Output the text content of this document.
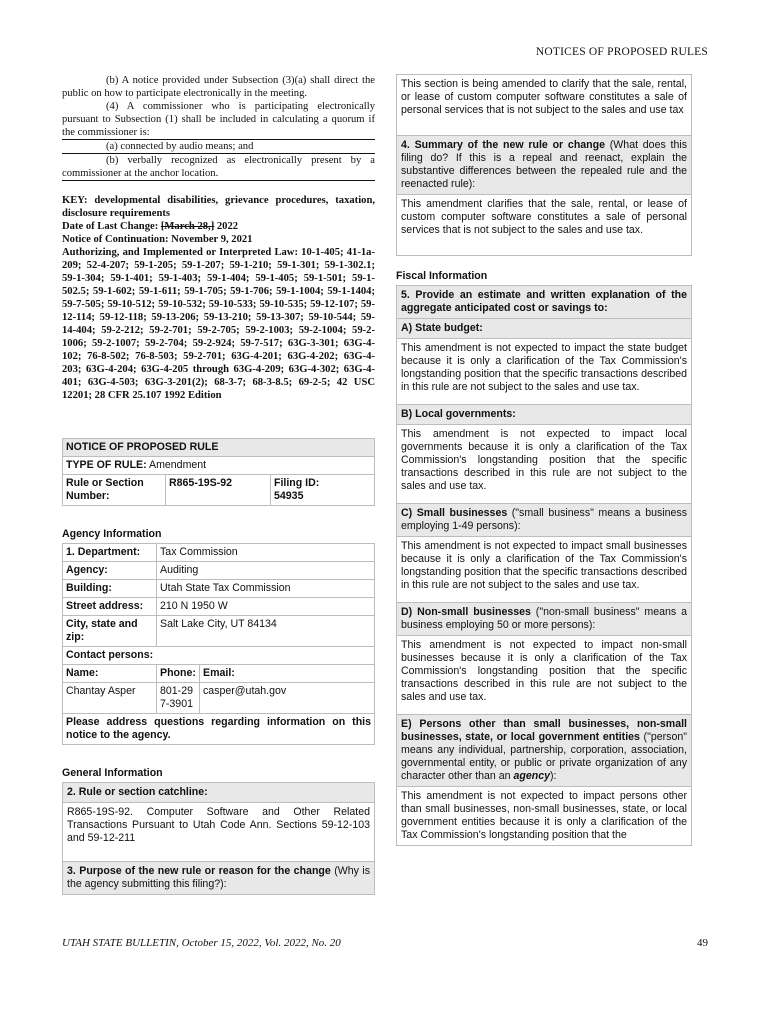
NOTICES OF PROPOSED RULES

(b) A notice provided under Subsection (3)(a) shall direct the public on how to participate electronically in the meeting.

(4) A commissioner who is participating electronically pursuant to Subsection (1) shall be included in calculating a quorum if the commissioner is:

(a) connected by audio means; and

(b) verbally recognized as electronically present by a commissioner at the anchor location.

KEY: developmental disabilities, grievance procedures, taxation, disclosure requirements

Date of Last Change: [March 28,] 2022

Notice of Continuation: November 9, 2021

Authorizing, and Implemented or Interpreted Law: 10-1-405; 41-1a-209; 52-4-207; 59-1-205; 59-1-207; 59-1-210; 59-1-301; 59-1-302.1; 59-1-304; 59-1-401; 59-1-403; 59-1-404; 59-1-405; 59-1-501; 59-1-502.5; 59-1-602; 59-1-611; 59-1-705; 59-1-706; 59-1-1004; 59-1-1404; 59-7-505; 59-10-512; 59-10-532; 59-10-533; 59-10-535; 59-12-107; 59-12-114; 59-12-118; 59-13-206; 59-13-210; 59-13-307; 59-10-544; 59-14-404; 59-2-212; 59-2-701; 59-2-705; 59-2-1003; 59-2-1004; 59-2-1006; 59-2-1007; 59-2-704; 59-2-924; 59-7-517; 63G-3-301; 63G-4-102; 76-8-502; 76-8-503; 59-2-701; 63G-4-201; 63G-4-202; 63G-4-203; 63G-4-204; 63G-4-205 through 63G-4-209; 63G-4-302; 63G-4-401; 63G-4-503; 63G-3-201(2); 68-3-7; 68-3-8.5; 69-2-5; 42 USC 12201; 28 CFR 25.107 1992 Edition

NOTICE OF PROPOSED RULE
TYPE OF RULE: Amendment
Rule or Section Number:	R865-19S-92	Filing ID:
54935
Agency Information
1. Department:	Tax Commission	
Agency:	Auditing	
Building:	Utah State Tax Commission	
Street address:	210 N 1950 W	
City, state and zip:	Salt Lake City, UT 84134	
Contact persons:		
Name:	Phone:	Email:
Chantay Asper	801-297-3901	casper@utah.gov
Please address questions regarding information on this notice to the agency.		
General Information
2. Rule or section catchline:
R865-19S-92. Computer Software and Other Related Transactions Pursuant to Utah Code Ann. Sections 59-12-103 and 59-12-211
3. Purpose of the new rule or reason for the change (Why is the agency submitting this filing?):
This section is being amended to clarify that the sale, rental, or lease of custom computer software constitutes a sale of personal services that is not subject to the sales and use tax
4. Summary of the new rule or change (What does this filing do? If this is a repeal and reenact, explain the substantive differences between the repealed rule and the reenacted rule):
This amendment clarifies that the sale, rental, or lease of custom computer software constitutes a sale of personal services that is not subject to the sales and use tax.
Fiscal Information
5. Provide an estimate and written explanation of the aggregate anticipated cost or savings to:
A) State budget:
This amendment is not expected to impact the state budget because it is only a clarification of the Tax Commission's longstanding position that the specific transactions described in this rule are not subject to the sales and use tax.
B) Local governments:
This amendment is not expected to impact local governments because it is only a clarification of the Tax Commission's longstanding position that the specific transactions described in this rule are not subject to the sales and use tax.
C) Small businesses ("small business" means a business employing 1-49 persons):
This amendment is not expected to impact small businesses because it is only a clarification of the Tax Commission's longstanding position that the specific transactions described in this rule are not subject to the sales and use tax.
D) Non-small businesses ("non-small business" means a business employing 50 or more persons):
This amendment is not expected to impact non-small businesses because it is only a clarification of the Tax Commission's longstanding position that the specific transactions described in this rule are not subject to the sales and use tax.
E) Persons other than small businesses, non-small businesses, state, or local government entities ("person" means any individual, partnership, corporation, association, governmental entity, or public or private organization of any character other than an agency):
This amendment is not expected to impact persons other than small businesses, non-small businesses, state, or local government entities because it is only a clarification of the Tax Commission's longstanding position that the
UTAH STATE BULLETIN, October 15, 2022, Vol. 2022, No. 20	49
